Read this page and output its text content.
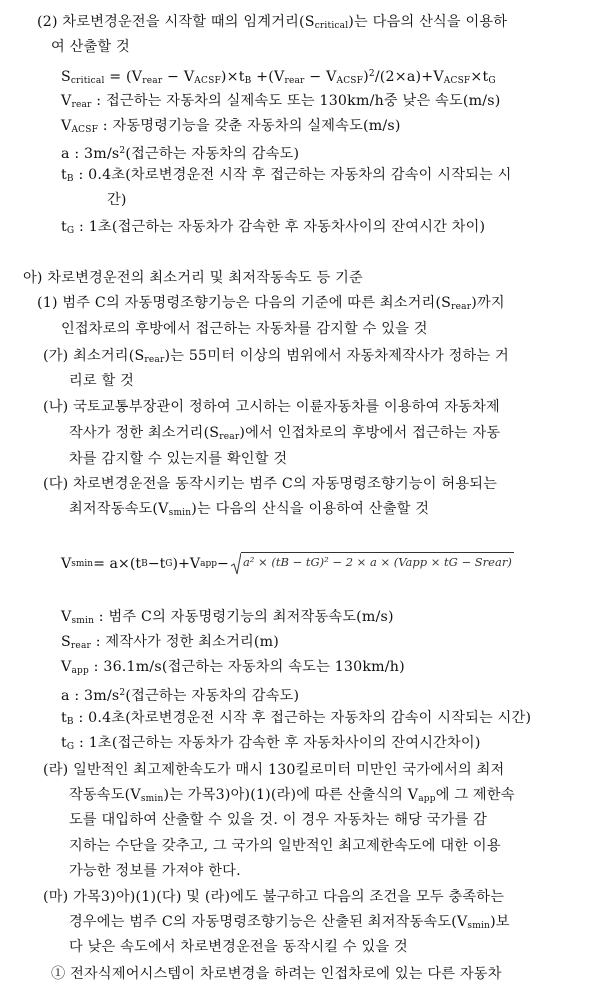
(2) 차로변경운전을 시작할 때의 임계거리$(S_{critical})$는 다음의 산식을 이용하
여 산출할 것
$S_{critical} = (V_{rear} - V_{ACSF})\times t_B +(V_{rear} - V_{ACSF})^2/(2\times a)+V_{ACSF}\times t_G$
$V_{rear}$ : 접근하는 자동차의 실제속도 또는 130km/h중 낮은 속도(m/s)
$V_{ACSF}$ : 자동명령기능을 갖춘 자동차의 실제속도(m/s)
a : $3m/s^2$(접근하는 자동차의 감속도)
$t_B$ : 0.4초(차로변경운전 시작 후 접근하는 자동차의 감속이 시작되는 시
간)
$t_G$ : 1초(접근하는 자동차가 감속한 후 자동차사이의 잔여시간 차이)
아) 차로변경운전의 최소거리 및 최저작동속도 등 기준
(1) 범주 C의 자동명령조향기능은 다음의 기준에 따른 최소거리$(S_{rear})$까지
인접차로의 후방에서 접근하는 자동차를 감지할 수 있을 것
(가) 최소거리$(S_{rear})$는 55미터 이상의 범위에서 자동차제작사가 정하는 거
리로 할 것
(나) 국토교통부장관이 정하여 고시하는 이륜자동차를 이용하여 자동차제
작사가 정한 최소거리$(S_{rear})$에서 인접차로의 후방에서 접근하는 자동
차를 감지할 수 있는지를 확인할 것
(다) 차로변경운전을 동작시키는 범주 C의 자동명령조향기능이 허용되는
최저작동속도$(V_{smin})$는 다음의 산식을 이용하여 산출할 것
V smin = a×(t B −t G )+V app − a² × (tB − tG)² − 2 × a × (Vapp × tG − Srear)
$V_{smin}$ : 범주 C의 자동명령기능의 최저작동속도(m/s)
$S_{rear}$ : 제작사가 정한 최소거리(m)
$V_{app}$ : 36.1m/s(접근하는 자동차의 속도는 130km/h)
a : $3m/s^2$(접근하는 자동차의 감속도)
$t_B$ : 0.4초(차로변경운전 시작 후 접근하는 자동차의 감속이 시작되는 시간)
$t_G$ : 1초(접근하는 자동차가 감속한 후 자동차사이의 잔여시간차이)
(라) 일반적인 최고제한속도가 매시 130킬로미터 미만인 국가에서의 최저
작동속도$(V_{smin})$는 가목3)아)(1)(라)에 따른 산출식의 $V_{app}$에 그 제한속
도를 대입하여 산출할 수 있을 것. 이 경우 자동차는 해당 국가를 감
지하는 수단을 갖추고, 그 국가의 일반적인 최고제한속도에 대한 이용
가능한 정보를 가져야 한다.
(마) 가목3)아)(1)(다) 및 (라)에도 불구하고 다음의 조건을 모두 충족하는
경우에는 범주 C의 자동명령조향기능은 산출된 최저작동속도$(V_{smin})$보
다 낮은 속도에서 차로변경운전을 동작시킬 수 있을 것
① 전자식제어시스템이 차로변경을 하려는 인접차로에 있는 다른 자동차
